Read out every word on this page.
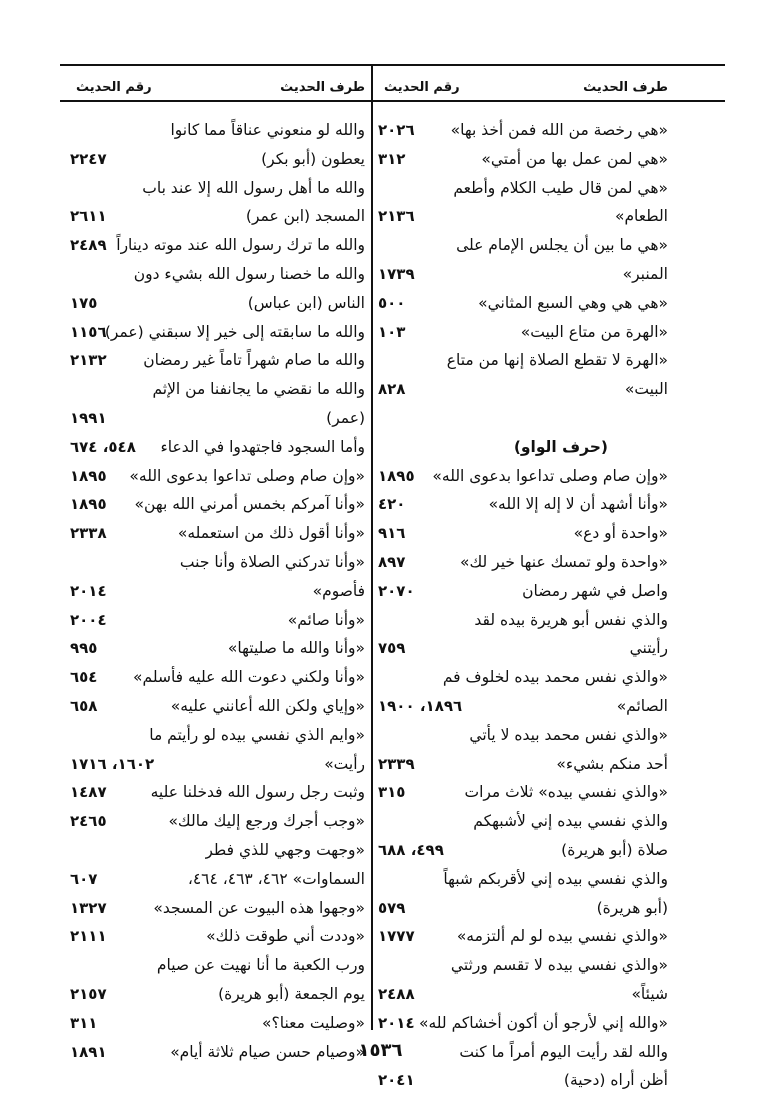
طرف الحديث
رقم الحديث
«هي رخصة من الله فمن أخذ بها»
٢٠٢٦
«هي لمن عمل بها من أمتي»
٣١٢
«هي لمن قال طيب الكلام وأطعم
الطعام»
٢١٣٦
«هي ما بين أن يجلس الإمام على
المنبر»
١٧٣٩
«هي هي وهي السبع المثاني»
٥٠٠
«الهرة من متاع البيت»
١٠٣
«الهرة لا تقطع الصلاة إنها من متاع
البيت»
٨٢٨
(حرف الواو)
«وإن صام وصلى تداعوا بدعوى الله»
١٨٩٥
«وأنا أشهد أن لا إله إلا الله»
٤٢٠
«واحدة أو دع»
٩١٦
«واحدة ولو تمسك عنها خير لك»
٨٩٧
واصل في شهر رمضان
٢٠٧٠
والذي نفس أبو هريرة بيده لقد
رأيتني
٧٥٩
«والذي نفس محمد بيده لخلوف فم
الصائم»
١٨٩٦، ١٩٠٠
«والذي نفس محمد بيده لا يأتي
أحد منكم بشيء»
٢٣٣٩
«والذي نفسي بيده» ثلاث مرات
٣١٥
والذي نفسي بيده إني لأشبهكم
صلاة (أبو هريرة)
٤٩٩، ٦٨٨
والذي نفسي بيده إني لأقربكم شبهاً
(أبو هريرة)
٥٧٩
«والذي نفسي بيده لو لم ألتزمه»
١٧٧٧
«والذي نفسي بيده لا تقسم ورثتي
شيئاً»
٢٤٨٨
«والله إني لأرجو أن أكون أخشاكم لله»
٢٠١٤
والله لقد رأيت اليوم أمراً ما كنت
أظن أراه (دحية)
٢٠٤١
طرف الحديث
رقم الحديث
والله لو منعوني عناقاً مما كانوا
يعطون (أبو بكر)
٢٢٤٧
والله ما أهل رسول الله إلا عند باب
المسجد (ابن عمر)
٢٦١١
والله ما ترك رسول الله عند موته ديناراً
٢٤٨٩
والله ما خصنا رسول الله بشيء دون
الناس (ابن عباس)
١٧٥
والله ما سابقته إلى خير إلا سبقني (عمر)
١١٥٦
والله ما صام شهراً تاماً غير رمضان
٢١٣٢
والله ما نقضي ما يجانفنا من الإثم
(عمر)
١٩٩١
وأما السجود فاجتهدوا في الدعاء
٥٤٨، ٦٧٤
«وإن صام وصلى تداعوا بدعوى الله»
١٨٩٥
«وأنا آمركم بخمس أمرني الله بهن»
١٨٩٥
«وأنا أقول ذلك من استعمله»
٢٣٣٨
«وأنا تدركني الصلاة وأنا جنب
فأصوم»
٢٠١٤
«وأنا صائم»
٢٠٠٤
«وأنا والله ما صليتها»
٩٩٥
«وأنا ولكني دعوت الله عليه فأسلم»
٦٥٤
«وإياي ولكن الله أعانني عليه»
٦٥٨
«وايم الذي نفسي بيده لو رأيتم ما
رأيت»
١٦٠٢، ١٧١٦
وثبت رجل رسول الله فدخلنا عليه
١٤٨٧
«وجب أجرك ورجع إليك مالك»
٢٤٦٥
«وجهت وجهي للذي فطر
السماوات» ٤٦٢، ٤٦٣، ٤٦٤،
٦٠٧
«وجهوا هذه البيوت عن المسجد»
١٣٢٧
«وددت أني طوقت ذلك»
٢١١١
ورب الكعبة ما أنا نهيت عن صيام
يوم الجمعة (أبو هريرة)
٢١٥٧
«وصليت معنا؟»
٣١١
«وصيام حسن صيام ثلاثة أيام»
١٨٩١	١٥٣٦
